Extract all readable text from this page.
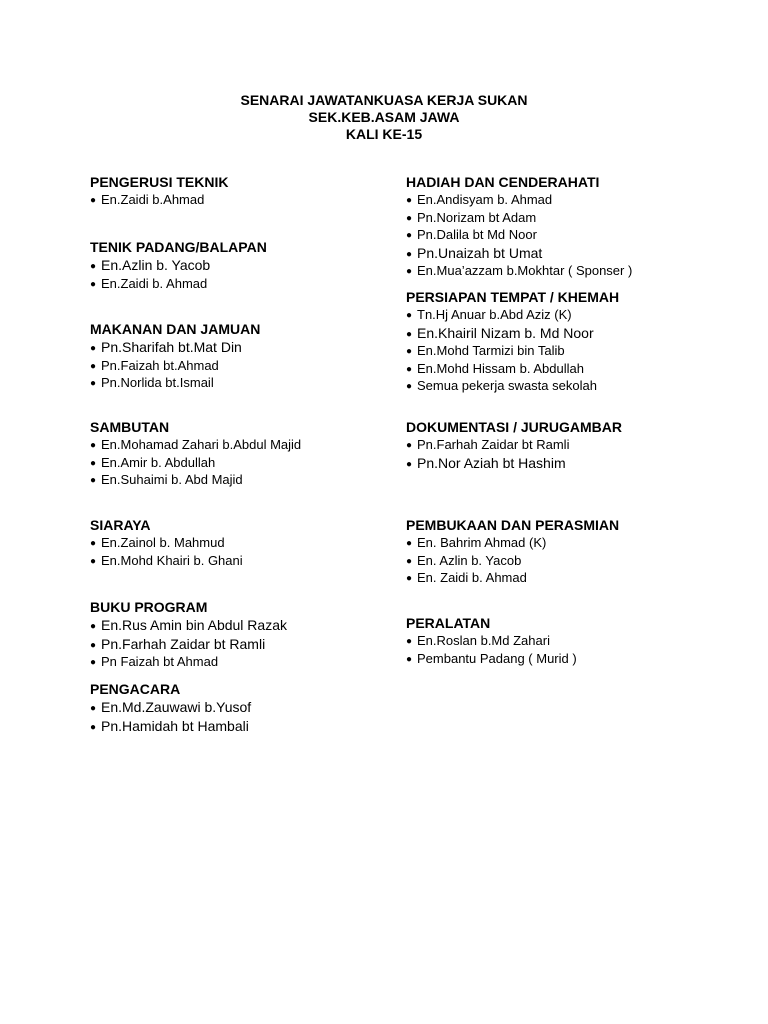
SENARAI JAWATANKUASA KERJA SUKAN
SEK.KEB.ASAM JAWA
KALI KE-15
PENGERUSI TEKNIK
● En.Zaidi b.Ahmad
TENIK PADANG/BALAPAN
● En.Azlin b. Yacob
● En.Zaidi b. Ahmad
MAKANAN DAN JAMUAN
● Pn.Sharifah bt.Mat Din
● Pn.Faizah bt.Ahmad
● Pn.Norlida bt.Ismail
SAMBUTAN
● En.Mohamad Zahari b.Abdul Majid
● En.Amir b. Abdullah
● En.Suhaimi b. Abd Majid
SIARAYA
● En.Zainol b. Mahmud
● En.Mohd Khairi b. Ghani
BUKU PROGRAM
● En.Rus Amin bin Abdul Razak
● Pn.Farhah Zaidar bt Ramli
● Pn Faizah bt Ahmad
PENGACARA
● En.Md.Zauwawi b.Yusof
● Pn.Hamidah bt Hambali
HADIAH DAN CENDERAHATI
● En.Andisyam b. Ahmad
● Pn.Norizam bt Adam
● Pn.Dalila bt Md Noor
● Pn.Unaizah bt Umat
● En.Mua’azzam b.Mokhtar ( Sponser )
PERSIAPAN TEMPAT / KHEMAH
● Tn.Hj Anuar b.Abd Aziz (K)
● En.Khairil Nizam b. Md Noor
● En.Mohd Tarmizi bin Talib
● En.Mohd Hissam b. Abdullah
● Semua pekerja swasta sekolah
DOKUMENTASI / JURUGAMBAR
● Pn.Farhah Zaidar bt Ramli
● Pn.Nor Aziah bt Hashim
PEMBUKAAN DAN PERASMIAN
● En. Bahrim Ahmad (K)
● En. Azlin b. Yacob
● En. Zaidi b. Ahmad
PERALATAN
● En.Roslan b.Md Zahari
● Pembantu Padang ( Murid )
